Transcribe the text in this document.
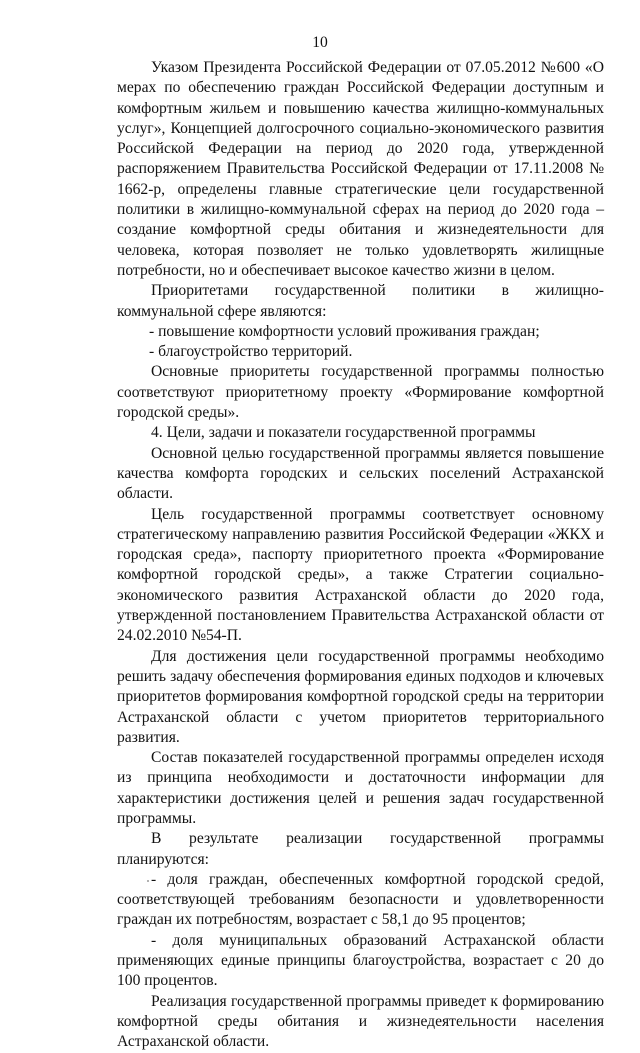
10

Указом Президента Российской Федерации от 07.05.2012 №600 «О мерах по обеспечению граждан Российской Федерации доступным и комфортным жильем и повышению качества жилищно-коммунальных услуг», Концепцией долгосрочного социально-экономического развития Российской Федерации на период до 2020 года, утвержденной распоряжением Правительства Российской Федерации от 17.11.2008 № 1662-р, определены главные стратегические цели государственной политики в жилищно-коммунальной сферах на период до 2020 года – создание комфортной среды обитания и жизнедеятельности для человека, которая позволяет не только удовлетворять жилищные потребности, но и обеспечивает высокое качество жизни в целом.

Приоритетами государственной политики в жилищно-коммунальной сфере являются:

- повышение комфортности условий проживания граждан;

- благоустройство территорий.

Основные приоритеты государственной программы полностью соответствуют приоритетному проекту «Формирование комфортной городской среды».

4. Цели, задачи и показатели государственной программы

Основной целью государственной программы является повышение качества комфорта городских и сельских поселений Астраханской области.

Цель государственной программы соответствует основному стратегическому направлению развития Российской Федерации «ЖКХ и городская среда», паспорту приоритетного проекта «Формирование комфортной городской среды», а также Стратегии социально-экономического развития Астраханской области до 2020 года, утвержденной постановлением Правительства Астраханской области от 24.02.2010 №54-П.

Для достижения цели государственной программы необходимо решить задачу обеспечения формирования единых подходов и ключевых приоритетов формирования комфортной городской среды на территории Астраханской области с учетом приоритетов территориального развития.

Состав показателей государственной программы определен исходя из принципа необходимости и достаточности информации для характеристики достижения целей и решения задач государственной программы.

В результате реализации государственной программы планируются:

- доля граждан, обеспеченных комфортной городской средой, соответствующей требованиям безопасности и удовлетворенности граждан их потребностям, возрастает с 58,1 до 95 процентов;

- доля муниципальных образований Астраханской области применяющих единые принципы благоустройства, возрастает с 20 до 100 процентов.

Реализация государственной программы приведет к формированию комфортной среды обитания и жизнедеятельности населения Астраханской области.
